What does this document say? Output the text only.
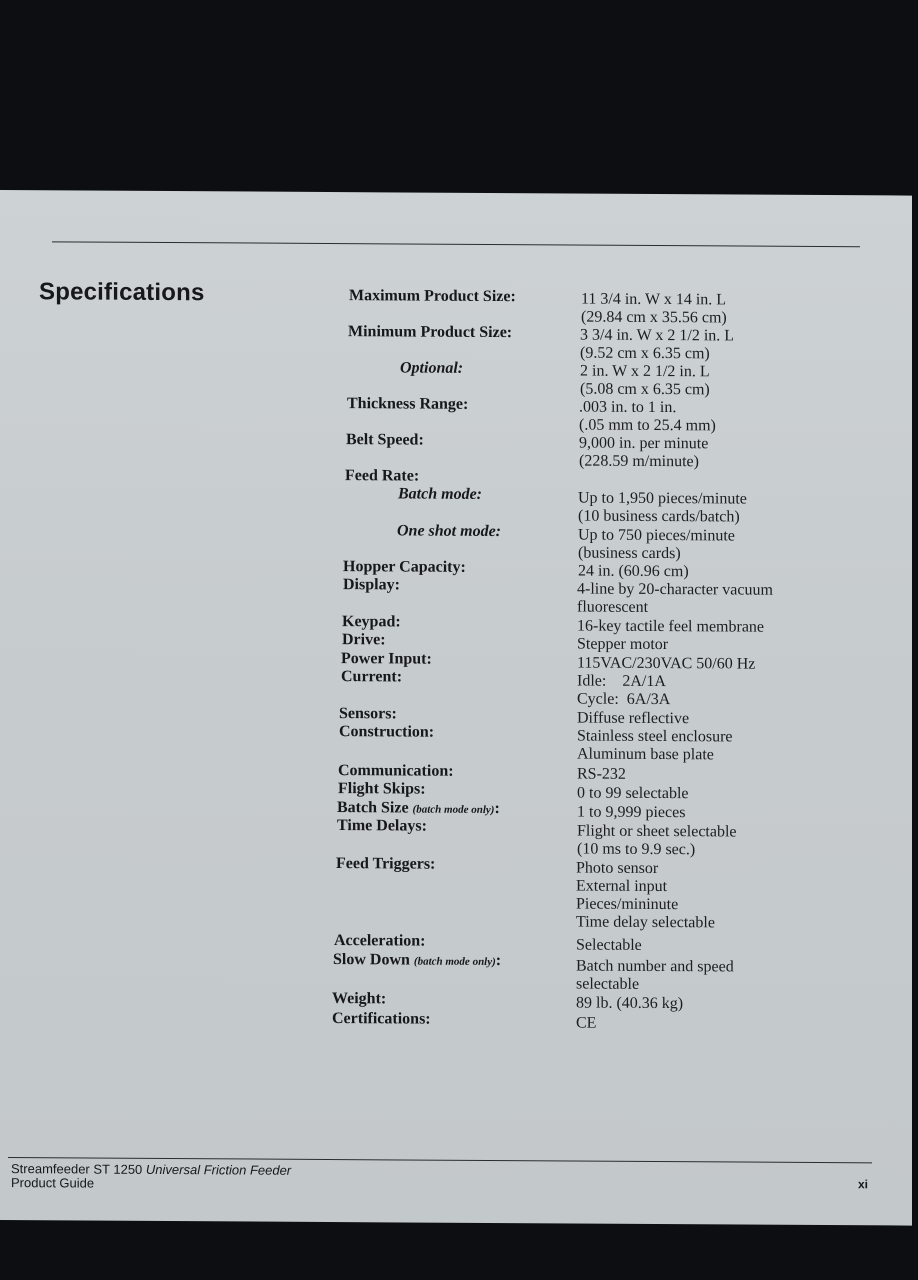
Specifications	Maximum Product Size:	11 3/4 in. W x 14 in. L
(29.84 cm x 35.56 cm)
Minimum Product Size:	3 3/4 in. W x 2 1/2 in. L
(9.52 cm x 6.35 cm)
Optional:	2 in. W x 2 1/2 in. L
(5.08 cm x 6.35 cm)
Thickness Range:	.003 in. to 1 in.
(.05 mm to 25.4 mm)
Belt Speed:	9,000 in. per minute
(228.59 m/minute)
Feed Rate:
Batch mode:	Up to 1,950 pieces/minute
(10 business cards/batch)
One shot mode:	Up to 750 pieces/minute
(business cards)
Hopper Capacity:	24 in. (60.96 cm)
Display:	4-line by 20-character vacuum
fluorescent
Keypad:	16-key tactile feel membrane
Drive:	Stepper motor
Power Input:	115VAC/230VAC 50/60 Hz
Current:	Idle:    2A/1A
Cycle:  6A/3A
Sensors:	Diffuse reflective
Construction:	Stainless steel enclosure
Aluminum base plate
Communication:	RS-232
Flight Skips:	0 to 99 selectable
Batch Size (batch mode only):	1 to 9,999 pieces
Time Delays:	Flight or sheet selectable
(10 ms to 9.9 sec.)
Feed Triggers:	Photo sensor
External input
Pieces/mininute
Time delay selectable
Acceleration:	Selectable
Slow Down (batch mode only):	Batch number and speed
selectable
Weight:	89 lb. (40.36 kg)
Certifications:	CE
Streamfeeder ST 1250 Universal Friction Feeder
Product Guide	xi
